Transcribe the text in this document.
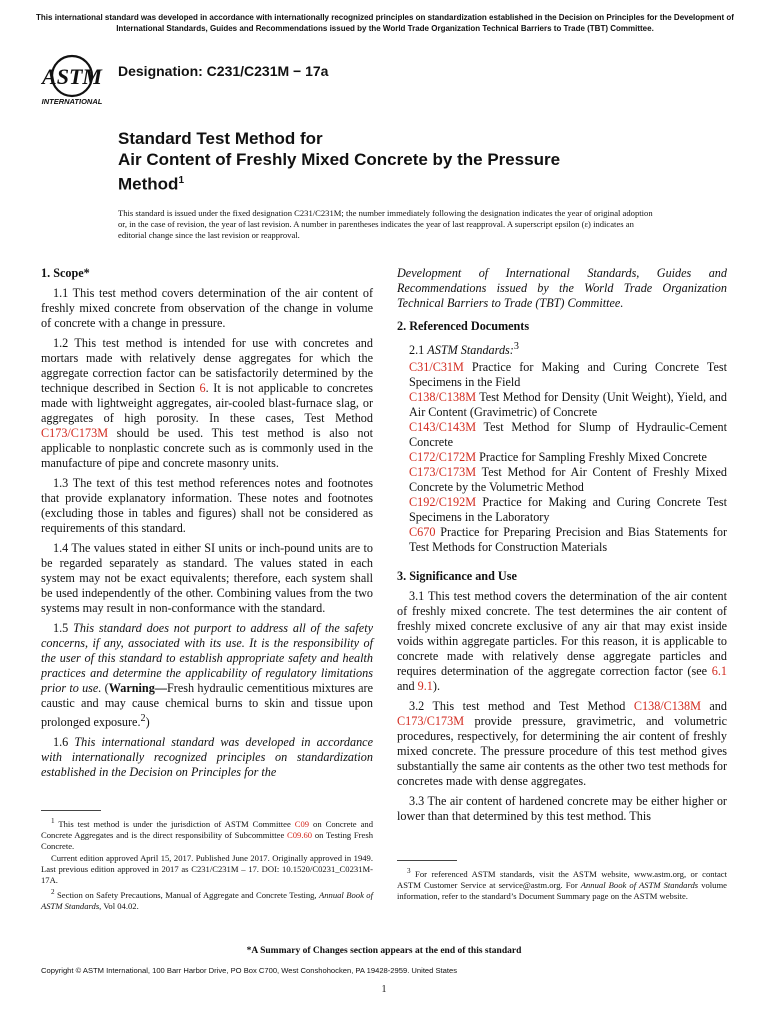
This international standard was developed in accordance with internationally recognized principles on standardization established in the Decision on Principles for the Development of International Standards, Guides and Recommendations issued by the World Trade Organization Technical Barriers to Trade (TBT) Committee.
ASTM
INTERNATIONAL
Designation: C231/C231M − 17a
Standard Test Method for
Air Content of Freshly Mixed Concrete by the Pressure
Method$^1$
This standard is issued under the fixed designation C231/C231M; the number immediately following the designation indicates the year of original adoption or, in the case of revision, the year of last revision. A number in parentheses indicates the year of last reapproval. A superscript epsilon (ε) indicates an editorial change since the last revision or reapproval.
1. Scope*

1.1 This test method covers determination of the air content of freshly mixed concrete from observation of the change in volume of concrete with a change in pressure.

1.2 This test method is intended for use with concretes and mortars made with relatively dense aggregates for which the aggregate correction factor can be satisfactorily determined by the technique described in Section 6. It is not applicable to concretes made with lightweight aggregates, air-cooled blast-furnace slag, or aggregates of high porosity. In these cases, Test Method C173/C173M should be used. This test method is also not applicable to nonplastic concrete such as is commonly used in the manufacture of pipe and concrete masonry units.

1.3 The text of this test method references notes and footnotes that provide explanatory information. These notes and footnotes (excluding those in tables and figures) shall not be considered as requirements of this standard.

1.4 The values stated in either SI units or inch-pound units are to be regarded separately as standard. The values stated in each system may not be exact equivalents; therefore, each system shall be used independently of the other. Combining values from the two systems may result in non-conformance with the standard.

1.5 This standard does not purport to address all of the safety concerns, if any, associated with its use. It is the responsibility of the user of this standard to establish appropriate safety and health practices and determine the applicability of regulatory limitations prior to use. (Warning—Fresh hydraulic cementitious mixtures are caustic and may cause chemical burns to skin and tissue upon prolonged exposure.$^2$)

1.6 This international standard was developed in accordance with internationally recognized principles on standardization established in the Decision on Principles for the

Development of International Standards, Guides and Recommendations issued by the World Trade Organization Technical Barriers to Trade (TBT) Committee.

2. Referenced Documents

2.1 ASTM Standards:$^3$

C31/C31M Practice for Making and Curing Concrete Test Specimens in the Field
C138/C138M Test Method for Density (Unit Weight), Yield, and Air Content (Gravimetric) of Concrete
C143/C143M Test Method for Slump of Hydraulic-Cement Concrete
C172/C172M Practice for Sampling Freshly Mixed Concrete
C173/C173M Test Method for Air Content of Freshly Mixed Concrete by the Volumetric Method
C192/C192M Practice for Making and Curing Concrete Test Specimens in the Laboratory
C670 Practice for Preparing Precision and Bias Statements for Test Methods for Construction Materials
3. Significance and Use

3.1 This test method covers the determination of the air content of freshly mixed concrete. The test determines the air content of freshly mixed concrete exclusive of any air that may exist inside voids within aggregate particles. For this reason, it is applicable to concrete made with relatively dense aggregate particles and requires determination of the aggregate correction factor (see 6.1 and 9.1).

3.2 This test method and Test Method C138/C138M and C173/C173M provide pressure, gravimetric, and volumetric procedures, respectively, for determining the air content of freshly mixed concrete. The pressure procedure of this test method gives substantially the same air contents as the other two test methods for concretes made with dense aggregates.

3.3 The air content of hardened concrete may be either higher or lower than that determined by this test method. This

$^1$ This test method is under the jurisdiction of ASTM Committee C09 on Concrete and Concrete Aggregates and is the direct responsibility of Subcommittee C09.60 on Testing Fresh Concrete.

Current edition approved April 15, 2017. Published June 2017. Originally approved in 1949. Last previous edition approved in 2017 as C231/C231M – 17. DOI: 10.1520/C0231_C0231M-17A.

$^2$ Section on Safety Precautions, Manual of Aggregate and Concrete Testing, Annual Book of ASTM Standards, Vol 04.02.

$^3$ For referenced ASTM standards, visit the ASTM website, www.astm.org, or contact ASTM Customer Service at service@astm.org. For Annual Book of ASTM Standards volume information, refer to the standard’s Document Summary page on the ASTM website.

*A Summary of Changes section appears at the end of this standard
Copyright © ASTM International, 100 Barr Harbor Drive, PO Box C700, West Conshohocken, PA 19428-2959. United States
1
